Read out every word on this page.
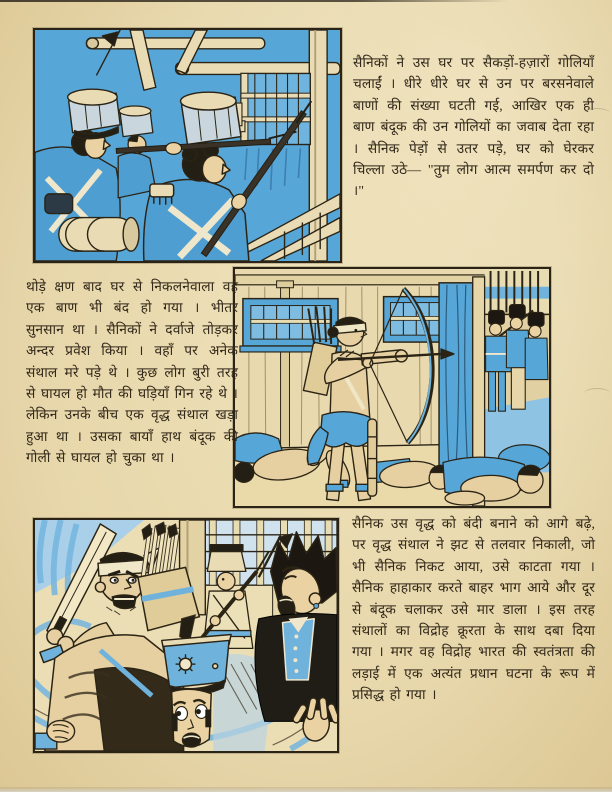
सैनिकों ने उस घर पर सैकड़ों-हज़ारों गोलियाँ चलाईं । धीरे धीरे घर से उन पर बरसनेवाले बाणों की संख्या घटती गई, आखिर एक ही बाण बंदूक की उन गोलियों का जवाब देता रहा । सैनिक पेड़ों से उतर पड़े, घर को घेरकर चिल्ला उठे— "तुम लोग आत्म समर्पण कर दो ।"
थोड़े क्षण बाद घर से निकलनेवाला वह एक बाण भी बंद हो गया । भीतर सुनसान था । सैनिकों ने दर्वाजे तोड़कर अन्दर प्रवेश किया । वहाँ पर अनेक संथाल मरे पड़े थे । कुछ लोग बुरी तरह से घायल हो मौत की घड़ियाँ गिन रहे थे । लेकिन उनके बीच एक वृद्ध संथाल खड़ा हुआ था । उसका बायाँ हाथ बंदूक की गोली से घायल हो चुका था ।
सैनिक उस वृद्ध को बंदी बनाने को आगे बढ़े, पर वृद्ध संथाल ने झट से तलवार निकाली, जो भी सैनिक निकट आया, उसे काटता गया । सैनिक हाहाकार करते बाहर भाग आये और दूर से बंदूक चलाकर उसे मार डाला । इस तरह संथालों का विद्रोह क्रूरता के साथ दबा दिया गया । मगर वह विद्रोह भारत की स्वतंत्रता की लड़ाई में एक अत्यंत प्रधान घटना के रूप में प्रसिद्ध हो गया ।
